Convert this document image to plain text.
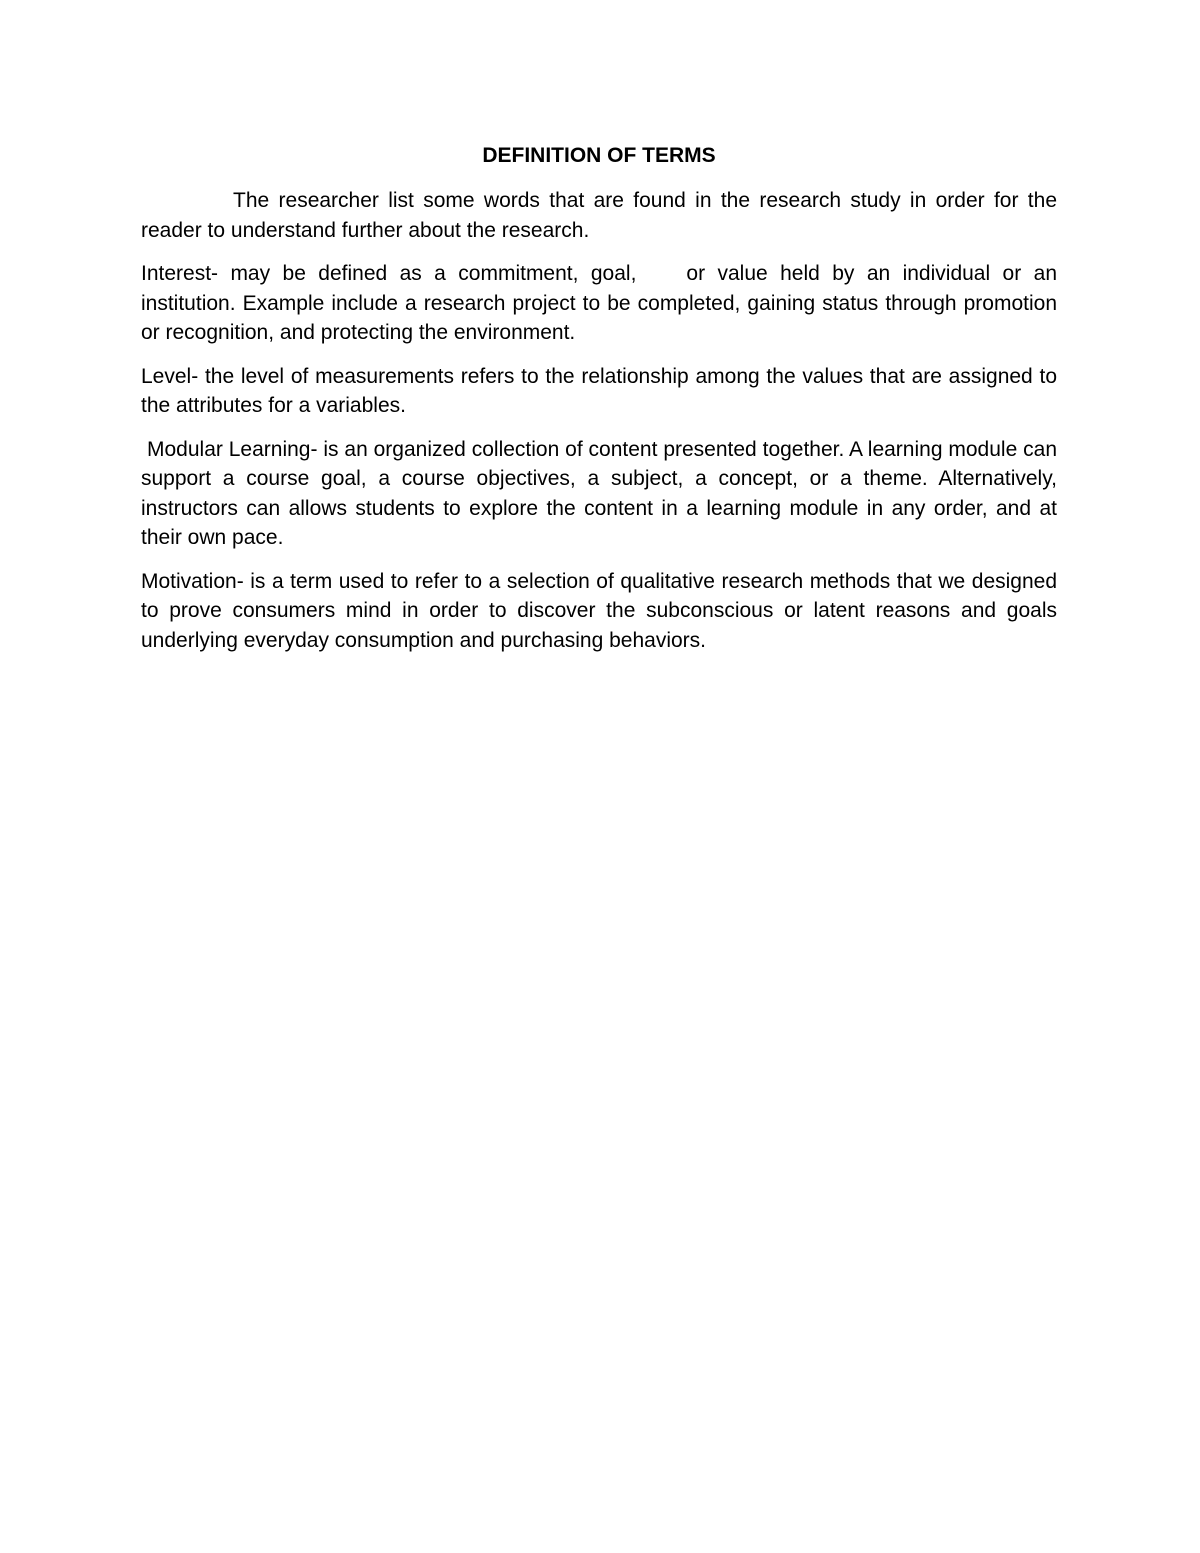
DEFINITION OF TERMS

The researcher list some words that are found in the research study in order for the reader to understand further about the research.

Interest- may be defined as a commitment, goal, or value held by an individual or an institution. Example include a research project to be completed, gaining status through promotion or recognition, and protecting the environment.

Level- the level of measurements refers to the relationship among the values that are assigned to the attributes for a variables.

Modular Learning- is an organized collection of content presented together. A learning module can support a course goal, a course objectives, a subject, a concept, or a theme. Alternatively, instructors can allows students to explore the content in a learning module in any order, and at their own pace.

Motivation- is a term used to refer to a selection of qualitative research methods that we designed to prove consumers mind in order to discover the subconscious or latent reasons and goals underlying everyday consumption and purchasing behaviors.
